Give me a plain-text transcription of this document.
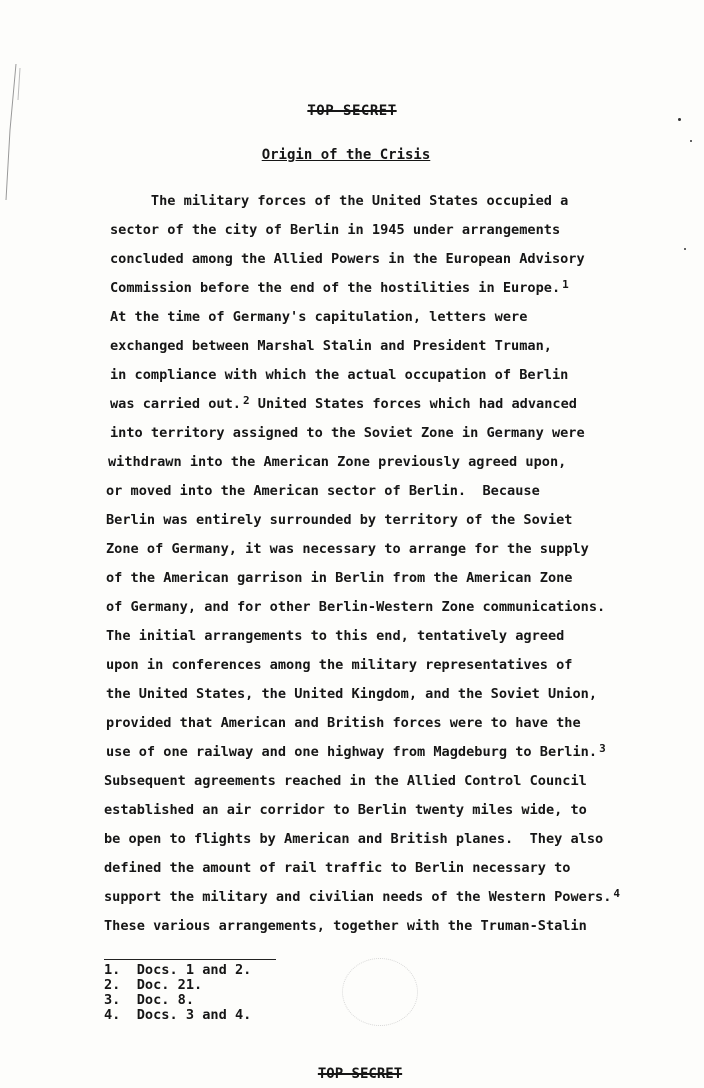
TOP SECRET
Origin of the Crisis
The military forces of the United States occupied a
sector of the city of Berlin in 1945 under arrangements
concluded among the Allied Powers in the European Advisory
Commission before the end of the hostilities in Europe. $^1$
At the time of Germany's capitulation, letters were
exchanged between Marshal Stalin and President Truman,
in compliance with which the actual occupation of Berlin
was carried out. $^2$ United States forces which had advanced
into territory assigned to the Soviet Zone in Germany were
withdrawn into the American Zone previously agreed upon,
or moved into the American sector of Berlin.  Because
Berlin was entirely surrounded by territory of the Soviet
Zone of Germany, it was necessary to arrange for the supply
of the American garrison in Berlin from the American Zone
of Germany, and for other Berlin-Western Zone communications.
The initial arrangements to this end, tentatively agreed
upon in conferences among the military representatives of
the United States, the United Kingdom, and the Soviet Union,
provided that American and British forces were to have the
use of one railway and one highway from Magdeburg to Berlin. $^3$
Subsequent agreements reached in the Allied Control Council
established an air corridor to Berlin twenty miles wide, to
be open to flights by American and British planes.  They also
defined the amount of rail traffic to Berlin necessary to
support the military and civilian needs of the Western Powers. $^4$
These various arrangements, together with the Truman-Stalin
1.  Docs. 1 and 2.
2.  Doc. 21.
3.  Doc. 8.
4.  Docs. 3 and 4.
TOP SECRET
